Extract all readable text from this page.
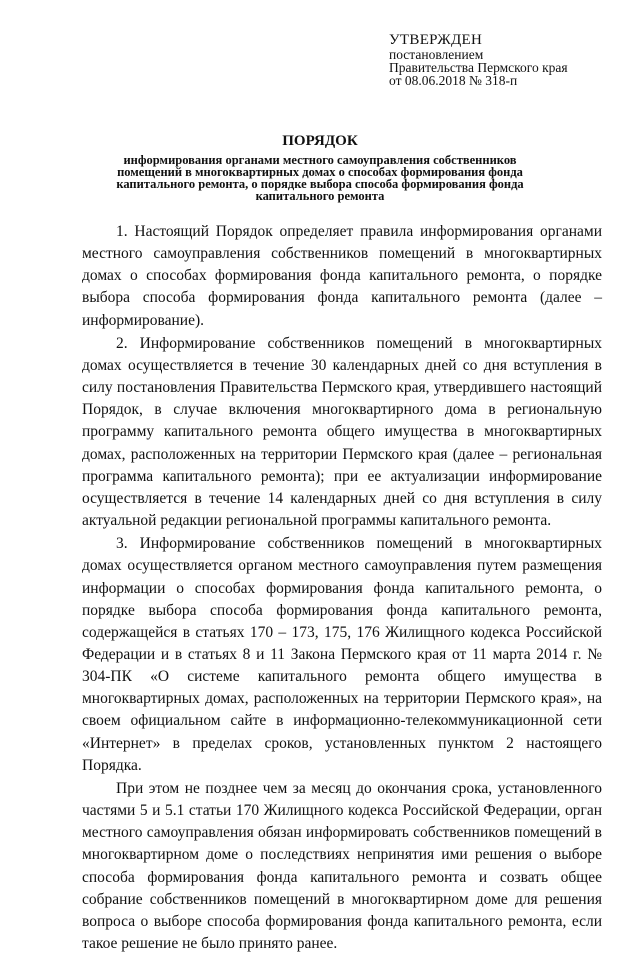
УТВЕРЖДЕН
постановлением
Правительства Пермского края
от 08.06.2018 № 318-п
ПОРЯДОК
информирования органами местного самоуправления собственников
помещений в многоквартирных домах о способах формирования фонда
капитального ремонта, о порядке выбора способа формирования фонда
капитального ремонта

1. Настоящий Порядок определяет правила информирования органами местного самоуправления собственников помещений в многоквартирных домах о способах формирования фонда капитального ремонта, о порядке выбора способа формирования фонда капитального ремонта (далее – информирование).

2. Информирование собственников помещений в многоквартирных домах осуществляется в течение 30 календарных дней со дня вступления в силу постановления Правительства Пермского края, утвердившего настоящий Порядок, в случае включения многоквартирного дома в региональную программу капитального ремонта общего имущества в многоквартирных домах, расположенных на территории Пермского края (далее – региональная программа капитального ремонта); при ее актуализации информирование осуществляется в течение 14 календарных дней со дня вступления в силу актуальной редакции региональной программы капитального ремонта.

3. Информирование собственников помещений в многоквартирных домах осуществляется органом местного самоуправления путем размещения информации о способах формирования фонда капитального ремонта, о порядке выбора способа формирования фонда капитального ремонта, содержащейся в статьях 170 – 173, 175, 176 Жилищного кодекса Российской Федерации и в статьях 8 и 11 Закона Пермского края от 11 марта 2014 г. № 304-ПК «О системе капитального ремонта общего имущества в многоквартирных домах, расположенных на территории Пермского края», на своем официальном сайте в информационно-телекоммуникационной сети «Интернет» в пределах сроков, установленных пунктом 2 настоящего Порядка.

При этом не позднее чем за месяц до окончания срока, установленного частями 5 и 5.1 статьи 170 Жилищного кодекса Российской Федерации, орган местного самоуправления обязан информировать собственников помещений в многоквартирном доме о последствиях непринятия ими решения о выборе способа формирования фонда капитального ремонта и созвать общее собрание собственников помещений в многоквартирном доме для решения вопроса о выборе способа формирования фонда капитального ремонта, если такое решение не было принято ранее.
